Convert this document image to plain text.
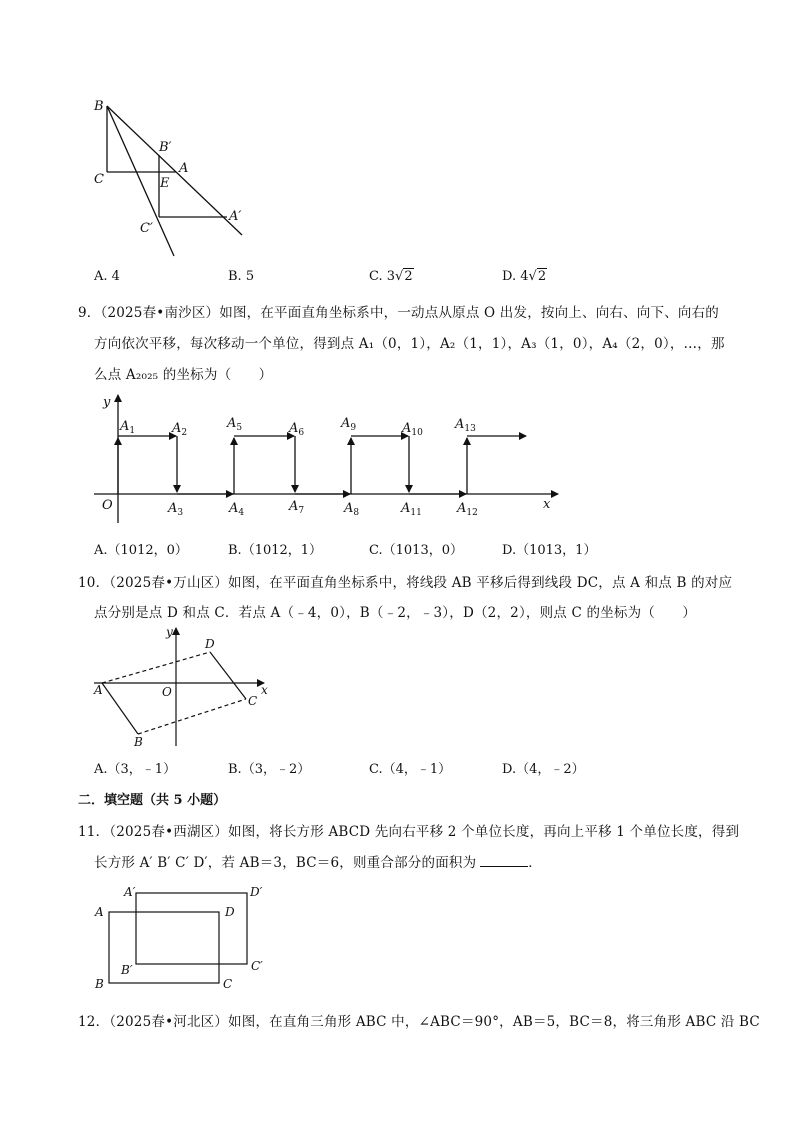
B
B′
A
C	E
C′
A′
A. 4	B. 5	C. 3√2	D. 4√2
9．（2025春•南沙区）如图，在平面直角坐标系中，一动点从原点 O 出发，按向上、向右、向下、向右的
方向依次平移，每次移动一个单位，得到点 A₁（0，1），A₂（1，1），A₃（1，0），A₄（2，0），…，那
么点 A₂₀₂₅ 的坐标为（　　）
y
x
O
$A_1$	$A_2$
$A_3$	$A_4$
$A_5$	$A_6$
$A_7$	$A_8$
$A_9$	$A_{10}$
$A_{11}$	$A_{12}$
$A_{13}$
A.（1012，0）	B.（1012，1）	C.（1013，0）	D.（1013，1）
10．（2025春•万山区）如图，在平面直角坐标系中，将线段 AB 平移后得到线段 DC，点 A 和点 B 的对应
点分别是点 D 和点 C．若点 A（﹣4，0），B（﹣2，﹣3），D（2，2），则点 C 的坐标为（　　）
y
x
O
A
B
D
C
A.（3，﹣1）	B.（3，﹣2）	C.（4，﹣1）	D.（4，﹣2）
二．填空题（共 5 小题）
11．（2025春•西湖区）如图，将长方形 ABCD 先向右平移 2 个单位长度，再向上平移 1 个单位长度，得到
长方形 A′ B′ C′ D′，若 AB＝3，BC＝6，则重合部分的面积为	．
A′	D′
A	D
B′	C′
B	C
12．（2025春•河北区）如图，在直角三角形 ABC 中，∠ABC＝90°，AB＝5，BC＝8，将三角形 ABC 沿 BC
